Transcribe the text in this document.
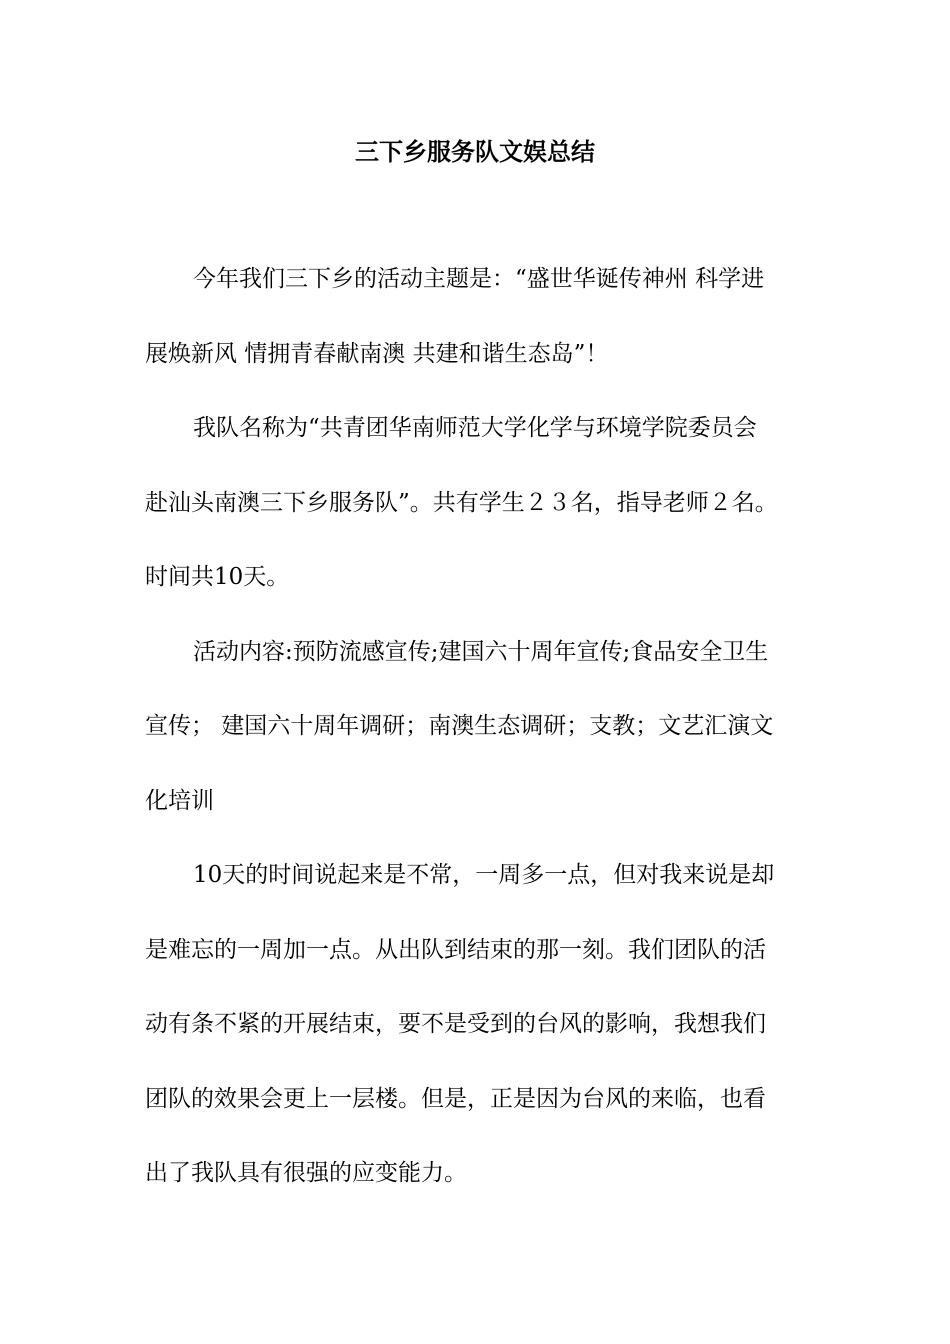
三下乡服务队文娱总结

今年我们三下乡的活动主题是：“盛世华诞传神州 科学进
展焕新风 情拥青春献南澳 共建和谐生态岛”！

我队名称为“共青团华南师范大学化学与环境学院委员会
赴汕头南澳三下乡服务队”。共有学生２３名，指导老师２名。
时间共10天。

活动内容:预防流感宣传;建国六十周年宣传;食品安全卫生
宣传； 建国六十周年调研；南澳生态调研；支教；文艺汇演文
化培训

10天的时间说起来是不常，一周多一点，但对我来说是却
是难忘的一周加一点。从出队到结束的那一刻。我们团队的活
动有条不紧的开展结束，要不是受到的台风的影响，我想我们
团队的效果会更上一层楼。但是，正是因为台风的来临，也看
出了我队具有很强的应变能力。
